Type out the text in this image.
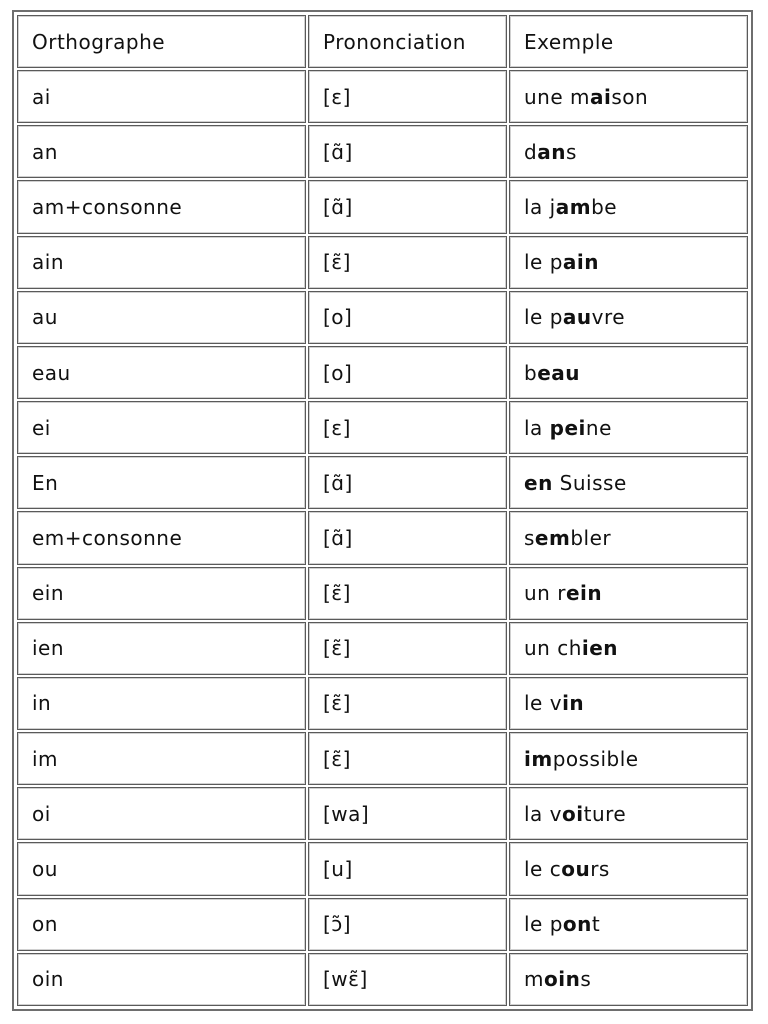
Orthographe	Prononciation	Exemple
ai	[ɛ]	une maison
an	[ɑ̃]	dans
am+consonne	[ɑ̃]	la jambe
ain	[ɛ̃]	le pain
au	[o]	le pauvre
eau	[o]	beau
ei	[ɛ]	la peine
En	[ɑ̃]	en Suisse
em+consonne	[ɑ̃]	sembler
ein	[ɛ̃]	un rein
ien	[ɛ̃]	un chien
in	[ɛ̃]	le vin
im	[ɛ̃]	impossible
oi	[wa]	la voiture
ou	[u]	le cours
on	[ɔ̃]	le pont
oin	[wɛ̃]	moins
